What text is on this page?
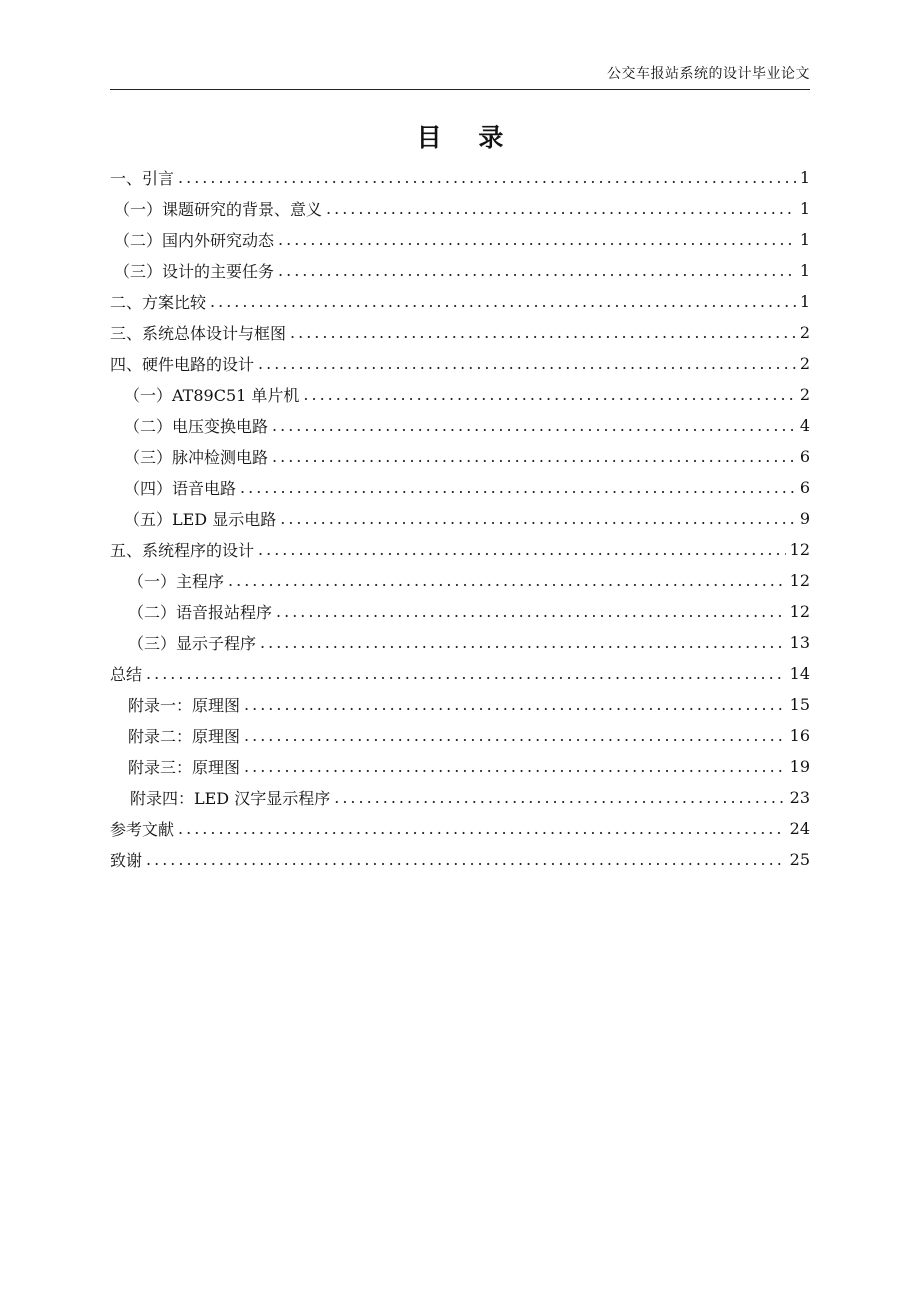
公交车报站系统的设计毕业论文
目 录
一、引言 .....	1
（一）课题研究的背景、意义 .....	1
（二）国内外研究动态 .....	1
（三）设计的主要任务 .....	1
二、方案比较 .....	1
三、系统总体设计与框图 .....	2
四、硬件电路的设计 .....	2
（一）AT89C51 单片机 .....	2
（二）电压变换电路 .....	4
（三）脉冲检测电路 .....	6
（四）语音电路 .....	6
（五）LED 显示电路 .....	9
五、系统程序的设计 .....	12
（一）主程序 .....	12
（二）语音报站程序 .....	12
（三）显示子程序 .....	13
总结 .....	14
附录一：原理图 .....	15
附录二：原理图 .....	16
附录三：原理图 .....	19
附录四：LED 汉字显示程序 .....	23
参考文献 .....	24
致谢 .....	25
